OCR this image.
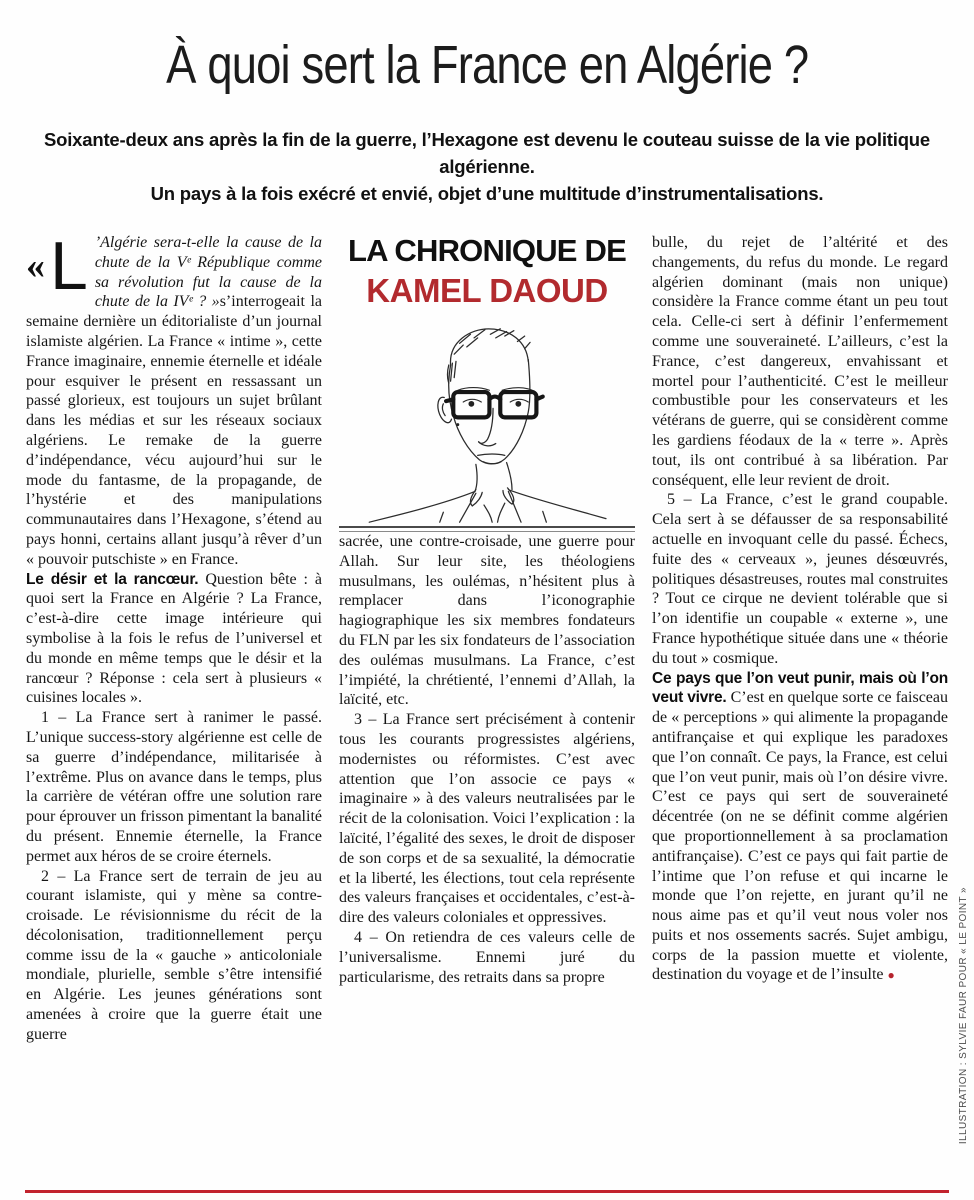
À quoi sert la France en Algérie ?

Soixante-deux ans après la fin de la guerre, l’Hexagone est devenu le couteau suisse de la vie politique algérienne.
Un pays à la fois exécré et envié, objet d’une multitude d’instrumentalisations.

« L ’Algérie sera-t-elle la cause de la chute de la Vᵉ République comme sa révolution fut la cause de la chute de la IVᵉ ? »s’interrogeait la semaine dernière un éditorialiste d’un journal islamiste algérien. La France « intime », cette France imaginaire, ennemie éternelle et idéale pour esquiver le présent en ressassant un passé glorieux, est toujours un sujet brûlant dans les médias et sur les réseaux sociaux algériens. Le remake de la guerre d’indépendance, vécu aujourd’hui sur le mode du fantasme, de la propagande, de l’hystérie et des manipulations communautaires dans l’Hexagone, s’étend au pays honni, certains allant jusqu’à rêver d’un « pouvoir putschiste » en France.

Le désir et la rancœur. Question bête : à quoi sert la France en Algérie ? La France, c’est-à-dire cette image intérieure qui symbolise à la fois le refus de l’universel et du monde en même temps que le désir et la rancœur ? Réponse : cela sert à plusieurs « cuisines locales ».

1 – La France sert à ranimer le passé. L’unique success-story algérienne est celle de sa guerre d’indépendance, militarisée à l’extrême. Plus on avance dans le temps, plus la carrière de vétéran offre une solution rare pour éprouver un frisson pimentant la banalité du présent. Ennemie éternelle, la France permet aux héros de se croire éternels.

2 – La France sert de terrain de jeu au courant islamiste, qui y mène sa contre-croisade. Le révisionnisme du récit de la décolonisation, traditionnellement perçu comme issu de la « gauche » anticoloniale mondiale, plurielle, semble s’être intensifié en Algérie. Les jeunes générations sont amenées à croire que la guerre était une guerre

LA CHRONIQUE DE
KAMEL DAOUD

sacrée, une contre-croisade, une guerre pour Allah. Sur leur site, les théologiens musulmans, les oulémas, n’hésitent plus à remplacer dans l’iconographie hagiographique les six membres fondateurs du FLN par les six fondateurs de l’association des oulémas musulmans. La France, c’est l’impiété, la chrétienté, l’ennemi d’Allah, la laïcité, etc.

3 – La France sert précisément à contenir tous les courants progressistes algériens, modernistes ou réformistes. C’est avec attention que l’on associe ce pays « imaginaire » à des valeurs neutralisées par le récit de la colonisation. Voici l’explication : la laïcité, l’égalité des sexes, le droit de disposer de son corps et de sa sexualité, la démocratie et la liberté, les élections, tout cela représente des valeurs françaises et occidentales, c’est-à-dire des valeurs coloniales et oppressives.

4 – On retiendra de ces valeurs celle de l’universalisme. Ennemi juré du particularisme, des retraits dans sa propre

bulle, du rejet de l’altérité et des changements, du refus du monde. Le regard algérien dominant (mais non unique) considère la France comme étant un peu tout cela. Celle-ci sert à définir l’enfermement comme une souveraineté. L’ailleurs, c’est la France, c’est dangereux, envahissant et mortel pour l’authenticité. C’est le meilleur combustible pour les conservateurs et les vétérans de guerre, qui se considèrent comme les gardiens féodaux de la « terre ». Après tout, ils ont contribué à sa libération. Par conséquent, elle leur revient de droit.

5 – La France, c’est le grand coupable. Cela sert à se défausser de sa responsabilité actuelle en invoquant celle du passé. Échecs, fuite des « cerveaux », jeunes désœuvrés, politiques désastreuses, routes mal construites ? Tout ce cirque ne devient tolérable que si l’on identifie un coupable « externe », une France hypothétique située dans une « théorie du tout » cosmique.

Ce pays que l’on veut punir, mais où l’on veut vivre. C’est en quelque sorte ce faisceau de « perceptions » qui alimente la propagande antifrançaise et qui explique les paradoxes que l’on connaît. Ce pays, la France, est celui que l’on veut punir, mais où l’on désire vivre. C’est ce pays qui sert de souveraineté décentrée (on ne se définit comme algérien que proportionnellement à sa proclamation antifrançaise). C’est ce pays qui fait partie de l’intime que l’on refuse et qui incarne le monde que l’on rejette, en jurant qu’il ne nous aime pas et qu’il veut nous voler nos puits et nos ossements sacrés. Sujet ambigu, corps de la passion muette et violente, destination du voyage et de l’insulte ●	ILLUSTRATION : SYLVIE FAUR POUR « LE POINT »
